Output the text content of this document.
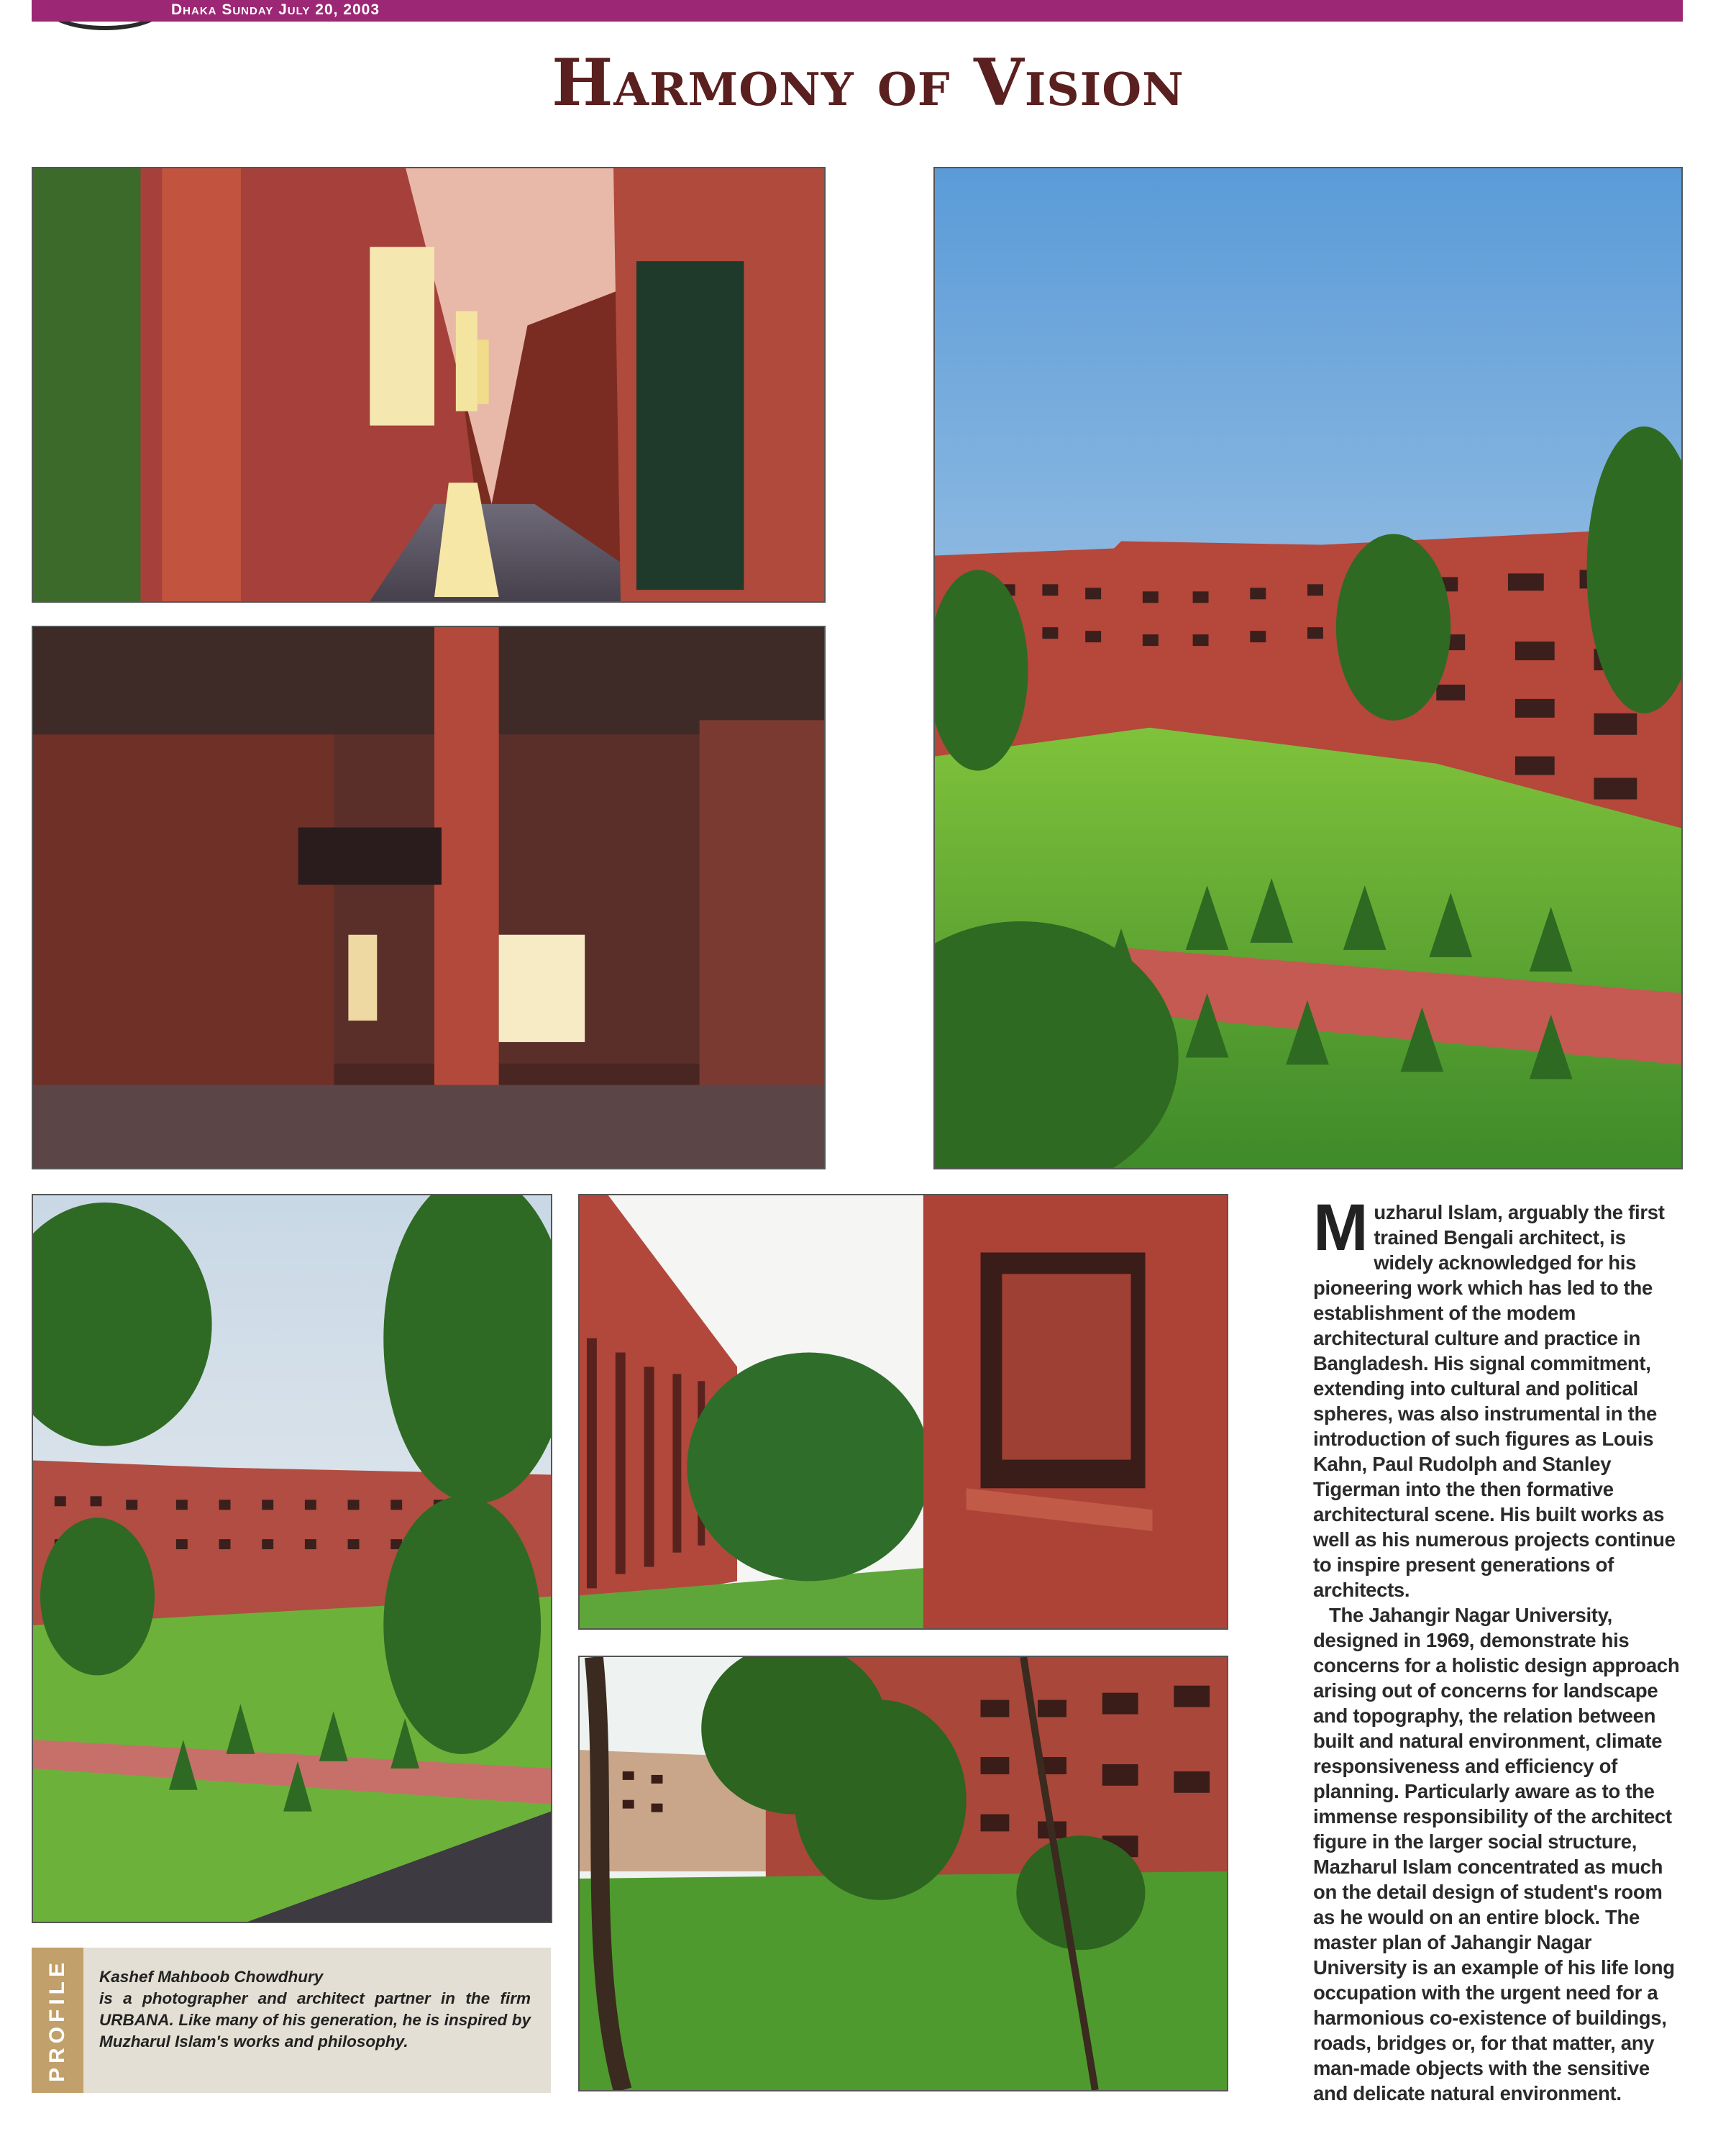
Dhaka Sunday July 20, 2003
Harmony of Vision
M uzharul Islam, arguably the first trained Bengali architect, is widely acknowledged for his pioneering work which has led to the establishment of the modem architectural culture and practice in Bangladesh. His signal commitment, extending into cultural and political spheres, was also instrumental in the introduction of such figures as Louis Kahn, Paul Rudolph and Stanley Tigerman into the then formative architectural scene. His built works as well as his numerous projects continue to inspire present generations of architects.

The Jahangir Nagar University, designed in 1969, demonstrate his concerns for a holistic design approach arising out of concerns for landscape and topography, the relation between built and natural environment, climate responsiveness and efficiency of planning. Particularly aware as to the immense responsibility of the architect figure in the larger social structure, Mazharul Islam concentrated as much on the detail design of student's room as he would on an entire block. The master plan of Jahangir Nagar University is an example of his life long occupation with the urgent need for a harmonious co-existence of buildings, roads, bridges or, for that matter, any man-made objects with the sensitive and delicate natural environment.

PROFILE Kashef Mahboob Chowdhury
is a photographer and architect partner in the firm URBANA. Like many of his generation, he is inspired by Muzharul Islam's works and philosophy.
